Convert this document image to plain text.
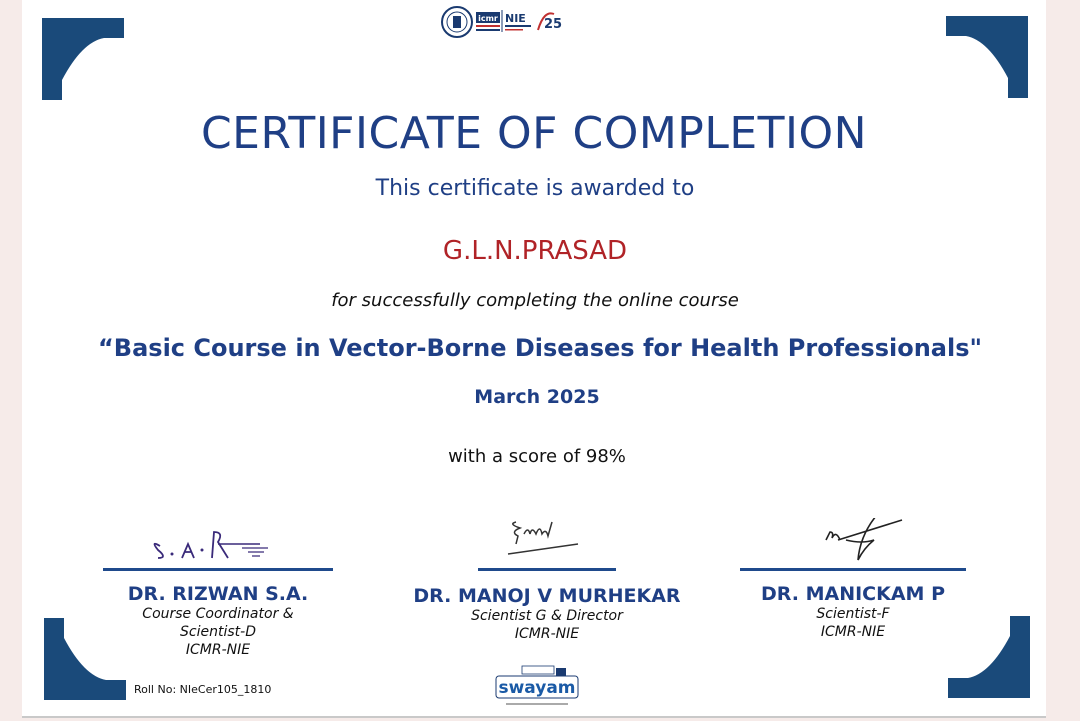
icmr NIE 25
CERTIFICATE OF COMPLETION
This certificate is awarded to
G.L.N.PRASAD
for successfully completing the online course
“Basic Course in Vector-Borne Diseases for Health Professionals"
March 2025
with a score of 98%
DR. RIZWAN S.A.
Course Coordinator &
Scientist-D
ICMR-NIE
DR. MANOJ V MURHEKAR
Scientist G & Director
ICMR-NIE
DR. MANICKAM P
Scientist-F
ICMR-NIE
Roll No: NIeCer105_1810	swayam
